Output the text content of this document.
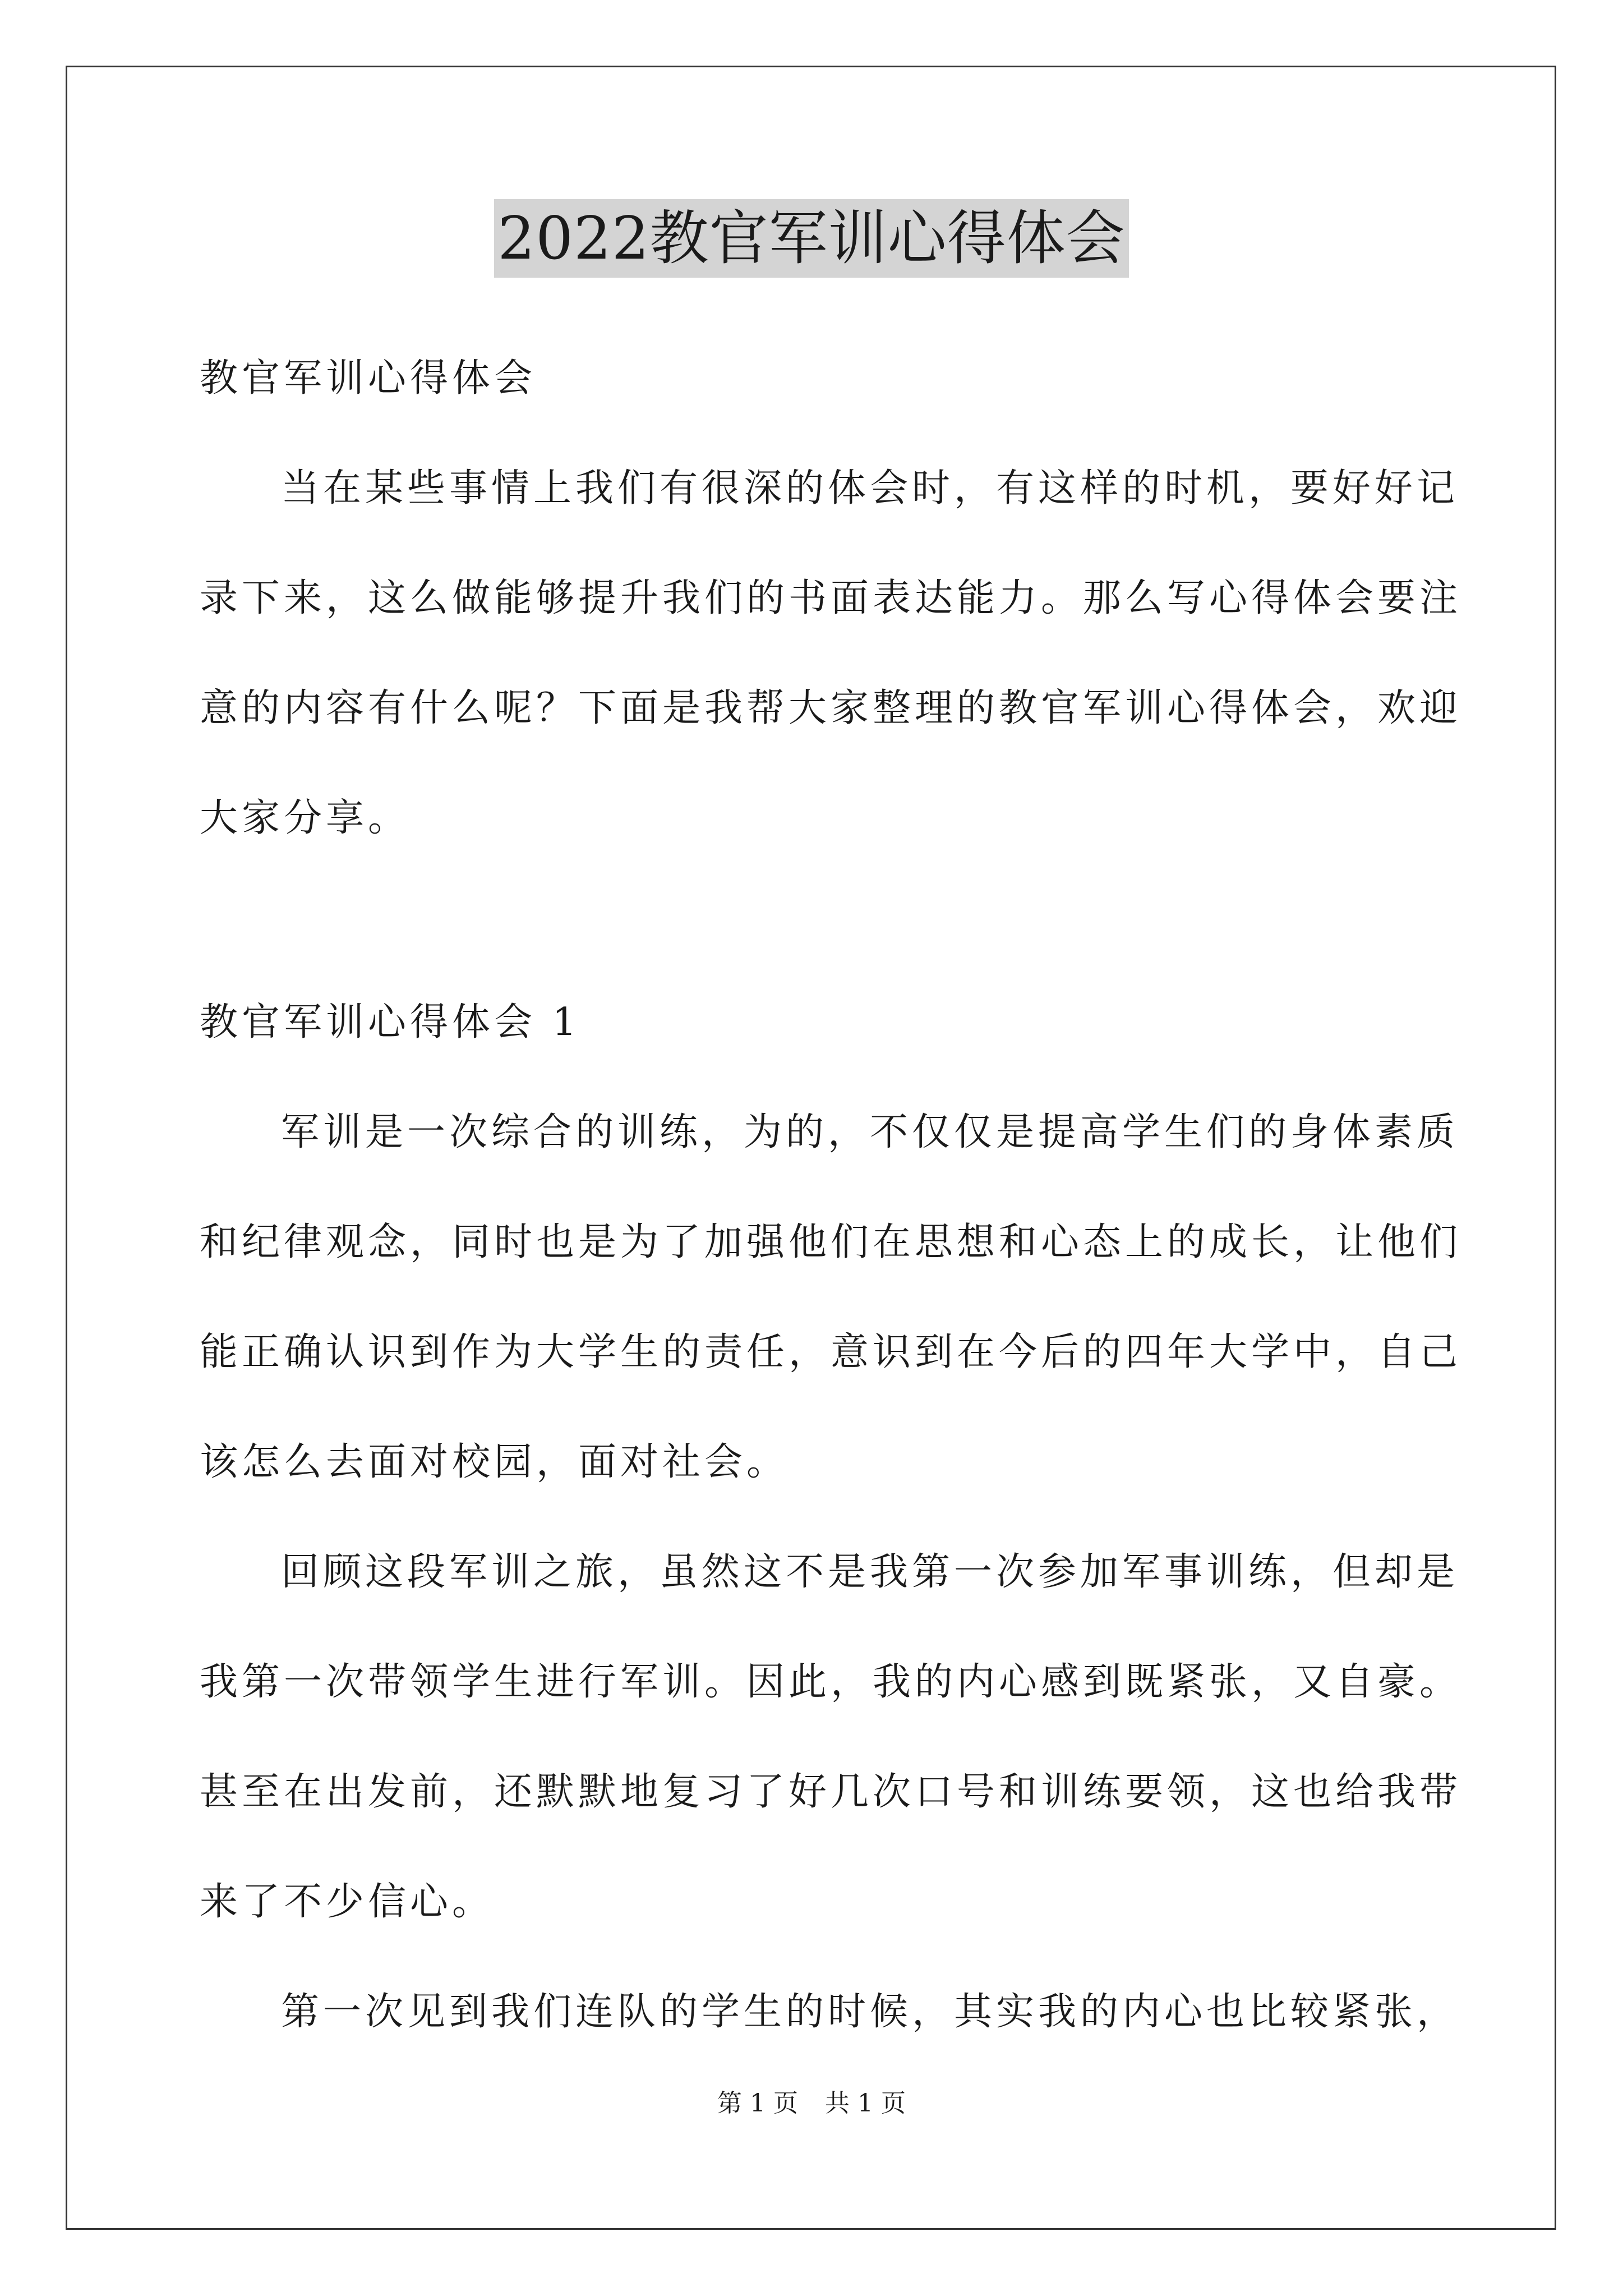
2022教官军训心得体会
教官军训心得体会
当在某些事情上我们有很深的体会时，有这样的时机，要好好记
录下来，这么做能够提升我们的书面表达能力。那么写心得体会要注
意的内容有什么呢？下面是我帮大家整理的教官军训心得体会，欢迎
大家分享。
教官军训心得体会 1
军训是一次综合的训练，为的，不仅仅是提高学生们的身体素质
和纪律观念，同时也是为了加强他们在思想和心态上的成长，让他们
能正确认识到作为大学生的责任，意识到在今后的四年大学中，自己
该怎么去面对校园，面对社会。
回顾这段军训之旅，虽然这不是我第一次参加军事训练，但却是
我第一次带领学生进行军训。因此，我的内心感到既紧张，又自豪。
甚至在出发前，还默默地复习了好几次口号和训练要领，这也给我带
来了不少信心。
第一次见到我们连队的学生的时候，其实我的内心也比较紧张，
第 1 页 共 1 页
